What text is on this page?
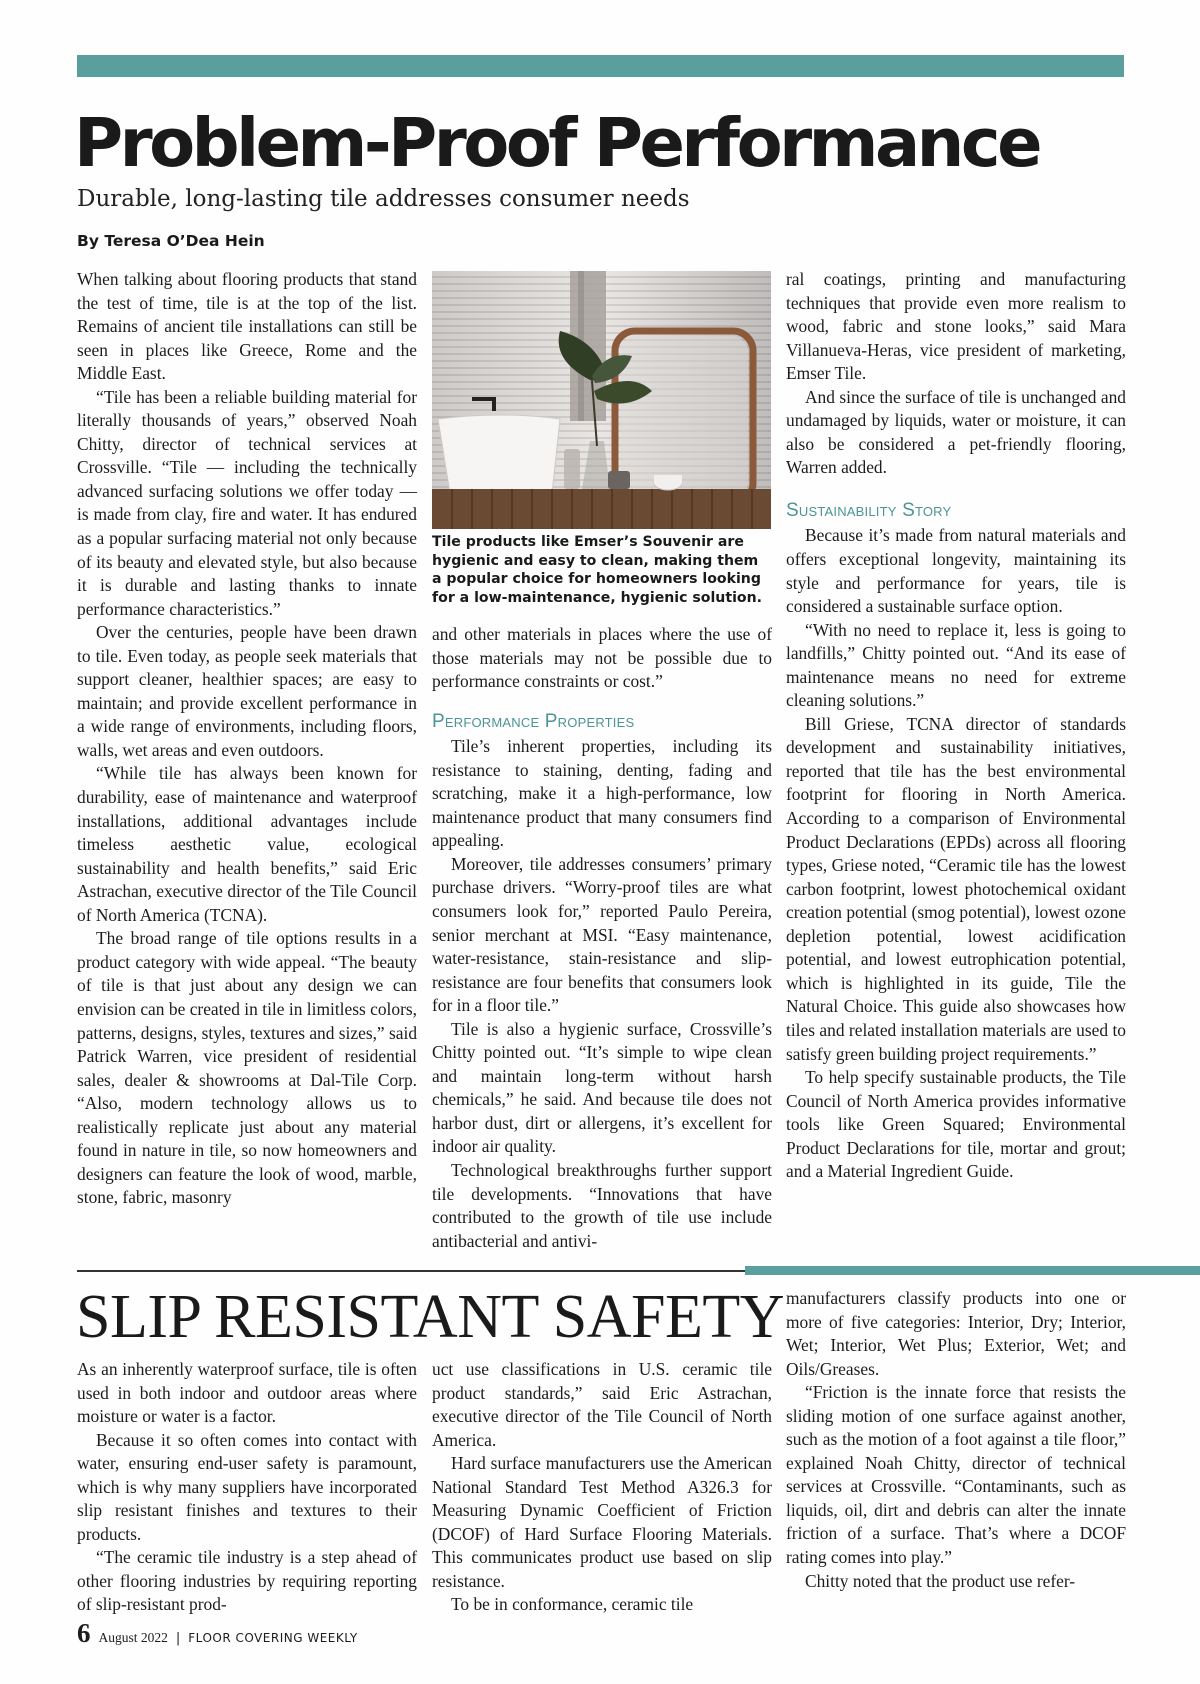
Problem-Proof Performance
Durable, long-lasting tile addresses consumer needs
By Teresa O’Dea Hein

When talking about flooring products that stand the test of time, tile is at the top of the list. Remains of ancient tile installations can still be seen in places like Greece, Rome and the Middle East.

“Tile has been a reliable building material for literally thousands of years,” observed Noah Chitty, director of technical services at Crossville. “Tile — including the technically advanced surfacing solutions we offer today — is made from clay, fire and water. It has endured as a popular surfacing material not only because of its beauty and elevated style, but also because it is durable and lasting thanks to innate performance characteristics.”

Over the centuries, people have been drawn to tile. Even today, as people seek materials that support cleaner, healthier spaces; are easy to maintain; and provide excellent performance in a wide range of environments, including floors, walls, wet areas and even outdoors.

“While tile has always been known for durability, ease of maintenance and waterproof installations, additional advantages include timeless aesthetic value, ecological sustainability and health benefits,” said Eric Astrachan, executive director of the Tile Council of North America (TCNA).

The broad range of tile options results in a product category with wide appeal. “The beauty of tile is that just about any design we can envision can be created in tile in limitless colors, patterns, designs, styles, textures and sizes,” said Patrick Warren, vice president of residential sales, dealer & showrooms at Dal-Tile Corp. “Also, modern technology allows us to realistically replicate just about any material found in nature in tile, so now homeowners and designers can feature the look of wood, marble, stone, fabric, masonry

Tile products like Emser’s Souvenir are hygienic and easy to clean, making them a popular choice for homeowners looking for a low-maintenance, hygienic solution.

and other materials in places where the use of those materials may not be possible due to performance constraints or cost.”

Performance Properties

Tile’s inherent properties, including its resistance to staining, denting, fading and scratching, make it a high-performance, low maintenance product that many consumers find appealing.

Moreover, tile addresses consumers’ primary purchase drivers. “Worry-proof tiles are what consumers look for,” reported Paulo Pereira, senior merchant at MSI. “Easy maintenance, water-resistance, stain-resistance and slip-resistance are four benefits that consumers look for in a floor tile.”

Tile is also a hygienic surface, Crossville’s Chitty pointed out. “It’s simple to wipe clean and maintain long-term without harsh chemicals,” he said. And because tile does not harbor dust, dirt or allergens, it’s excellent for indoor air quality.

Technological breakthroughs further support tile developments. “Innovations that have contributed to the growth of tile use include antibacterial and antivi-

ral coatings, printing and manufacturing techniques that provide even more realism to wood, fabric and stone looks,” said Mara Villanueva-Heras, vice president of marketing, Emser Tile.

And since the surface of tile is unchanged and undamaged by liquids, water or moisture, it can also be considered a pet-friendly flooring, Warren added.

Sustainability Story

Because it’s made from natural materials and offers exceptional longevity, maintaining its style and performance for years, tile is considered a sustainable surface option.

“With no need to replace it, less is going to landfills,” Chitty pointed out. “And its ease of maintenance means no need for extreme cleaning solutions.”

Bill Griese, TCNA director of standards development and sustainability initiatives, reported that tile has the best environmental footprint for flooring in North America. According to a comparison of Environmental Product Declarations (EPDs) across all flooring types, Griese noted, “Ceramic tile has the lowest carbon footprint, lowest photochemical oxidant creation potential (smog potential), lowest ozone depletion potential, lowest acidification potential, and lowest eutrophication potential, which is highlighted in its guide, Tile the Natural Choice. This guide also showcases how tiles and related installation materials are used to satisfy green building project requirements.”

To help specify sustainable products, the Tile Council of North America provides informative tools like Green Squared; Environmental Product Declarations for tile, mortar and grout; and a Material Ingredient Guide.

SLIP RESISTANT SAFETY

As an inherently waterproof surface, tile is often used in both indoor and outdoor areas where moisture or water is a factor.

Because it so often comes into contact with water, ensuring end-user safety is paramount, which is why many suppliers have incorporated slip resistant finishes and textures to their products.

“The ceramic tile industry is a step ahead of other flooring industries by requiring reporting of slip-resistant prod-

uct use classifications in U.S. ceramic tile product standards,” said Eric Astrachan, executive director of the Tile Council of North America.

Hard surface manufacturers use the American National Standard Test Method A326.3 for Measuring Dynamic Coefficient of Friction (DCOF) of Hard Surface Flooring Materials. This communicates product use based on slip resistance.

To be in conformance, ceramic tile

manufacturers classify products into one or more of five categories: Interior, Dry; Interior, Wet; Interior, Wet Plus; Exterior, Wet; and Oils/Greases.

“Friction is the innate force that resists the sliding motion of one surface against another, such as the motion of a foot against a tile floor,” explained Noah Chitty, director of technical services at Crossville. “Contaminants, such as liquids, oil, dirt and debris can alter the innate friction of a surface. That’s where a DCOF rating comes into play.”

Chitty noted that the product use refer-

6 August 2022 | FLOOR COVERING WEEKLY
